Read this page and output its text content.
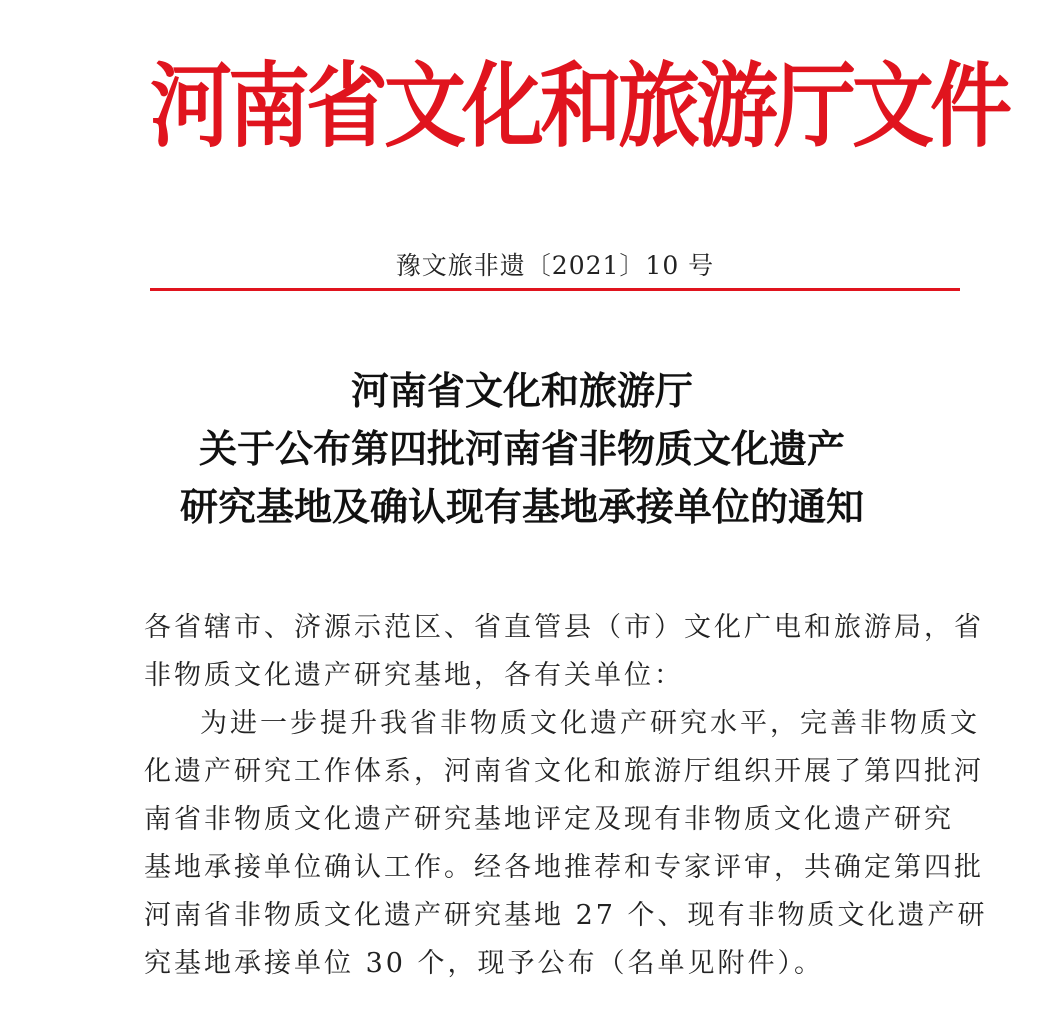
河南省文化和旅游厅文件
豫文旅非遗〔2021〕10 号
河南省文化和旅游厅
关于公布第四批河南省非物质文化遗产
研究基地及确认现有基地承接单位的通知
各省辖市、济源示范区、省直管县（市）文化广电和旅游局，省
非物质文化遗产研究基地，各有关单位：
为进一步提升我省非物质文化遗产研究水平，完善非物质文
化遗产研究工作体系，河南省文化和旅游厅组织开展了第四批河
南省非物质文化遗产研究基地评定及现有非物质文化遗产研究
基地承接单位确认工作。经各地推荐和专家评审，共确定第四批
河南省非物质文化遗产研究基地 27 个、现有非物质文化遗产研
究基地承接单位 30 个，现予公布（名单见附件）。
